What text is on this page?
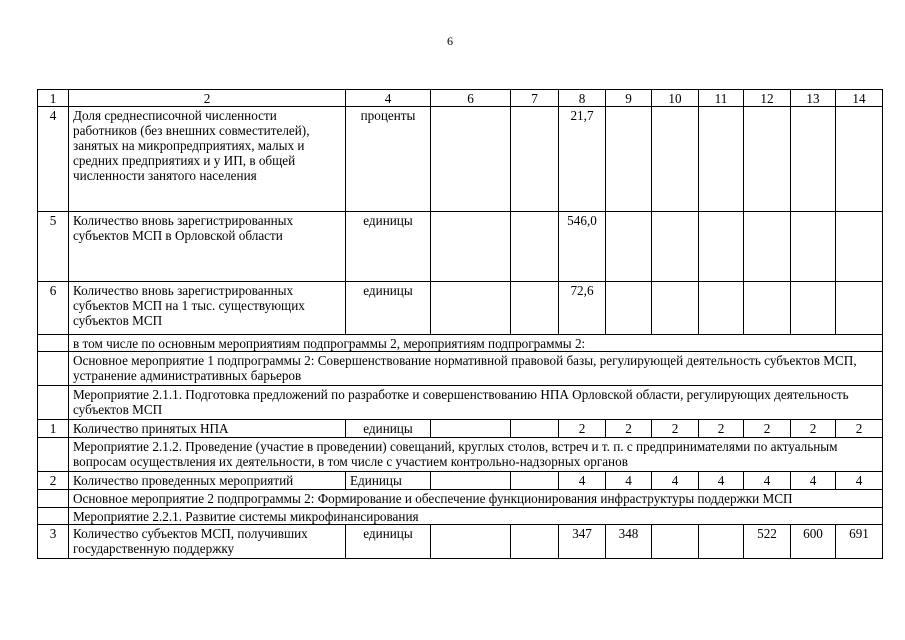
6
1	2	4	6	7	8	9	10	11	12	13	14
4	Доля среднесписочной численности работников (без внешних совместителей), занятых на микропредприятиях, малых и средних предприятиях и у ИП, в общей численности занятого населения	проценты			21,7						
5	Количество вновь зарегистрированных субъектов МСП в Орловской области	единицы			546,0						
6	Количество вновь зарегистрированных субъектов МСП на 1 тыс. существующих субъектов МСП	единицы			72,6						
	в том числе по основным мероприятиям подпрограммы 2, мероприятиям подпрограммы 2:										
	Основное мероприятие 1 подпрограммы 2: Совершенствование нормативной правовой базы, регулирующей деятельность субъектов МСП, устранение административных барьеров										
	Мероприятие 2.1.1. Подготовка предложений по разработке и совершенствованию НПА Орловской области, регулирующих деятельность субъектов МСП										
1	Количество принятых НПА	единицы			2	2	2	2	2	2	2
	Мероприятие 2.1.2. Проведение (участие в проведении) совещаний, круглых столов, встреч и т. п. с предпринимателями по актуальным вопросам осуществления их деятельности, в том числе с участием контрольно-надзорных органов										
2	Количество проведенных мероприятий	Единицы			4	4	4	4	4	4	4
	Основное мероприятие 2 подпрограммы 2: Формирование и обеспечение функционирования инфраструктуры поддержки МСП										
	Мероприятие 2.2.1. Развитие системы микрофинансирования										
3	Количество субъектов МСП, получивших государственную поддержку	единицы			347	348			522	600	691
